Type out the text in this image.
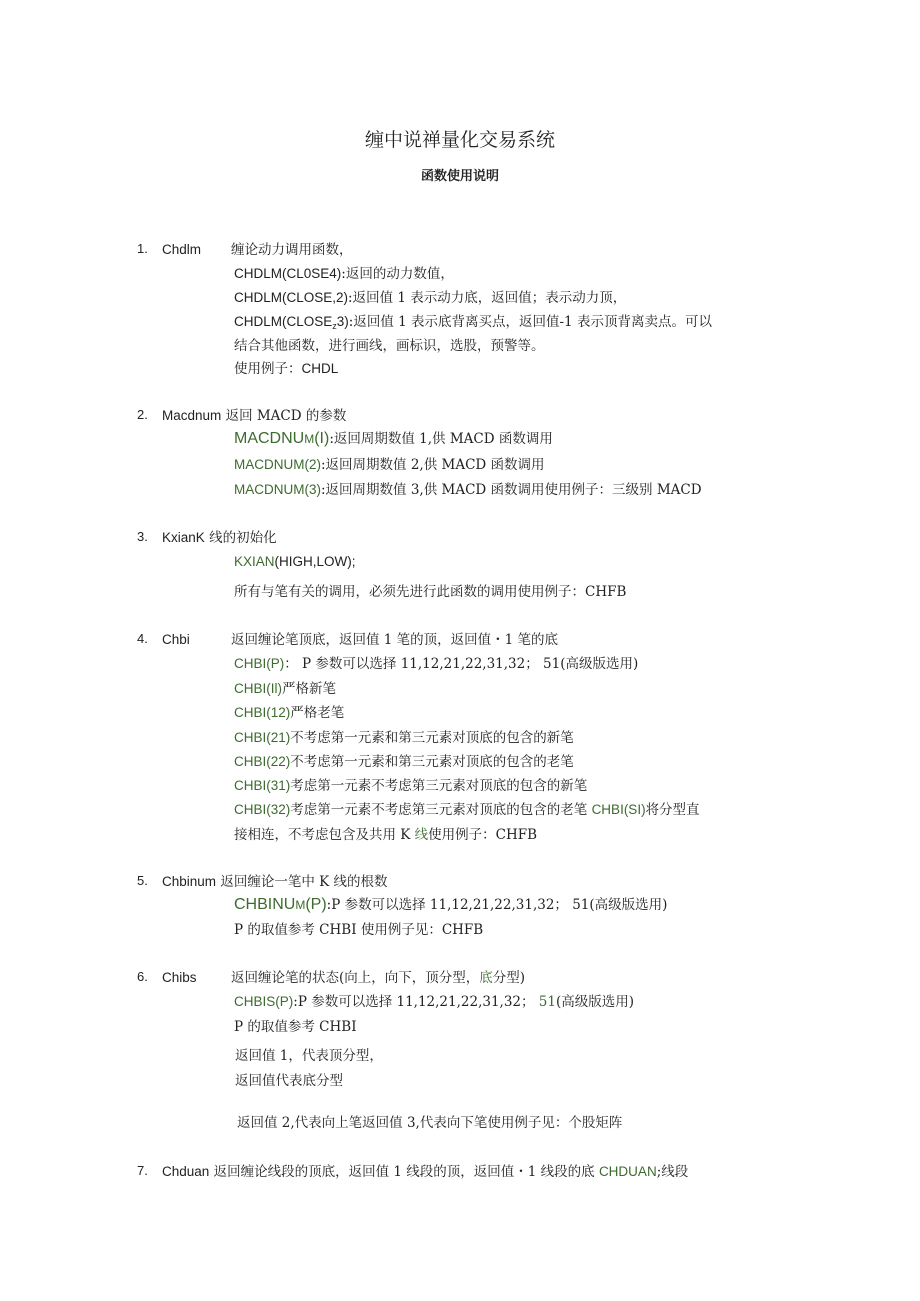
缠中说禅量化交易系统
函数使用说明
1. Chdlm 缠论动力调用函数，
CHDLM(CL0SE4):返回的动力数值，
CHDLM(CLOSE,2):返回值 1 表示动力底，返回值；表示动力顶，
$CHDLM(CLOSE_z3)$:返回值 1 表示底背离买点，返回值-1 表示顶背离卖点。可以
结合其他函数，进行画线，画标识，选股，预警等。
使用例子：CHDL
2. Macdnum 返回 MACD 的参数
MACDNUM(I):返回周期数值 1,供 MACD 函数调用
MACDNUM(2):返回周期数值 2,供 MACD 函数调用
MACDNUM(3):返回周期数值 3,供 MACD 函数调用使用例子：三级别 MACD
3. KxianK 线的初始化
KXIAN(HIGH,LOW);
所有与笔有关的调用，必须先进行此函数的调用使用例子：CHFB
4. Chbi	返回缠论笔顶底，返回值 1 笔的顶，返回值・1 笔的底
CHBI(P)： P 参数可以选择 11,12,21,22,31,32； 51(高级版选用)
CHBI(Il)严格新笔
CHBI(12)严格老笔
CHBI(21)不考虑第一元素和第三元素对顶底的包含的新笔
CHBI(22)不考虑第一元素和第三元素对顶底的包含的老笔
CHBI(31)考虑第一元素不考虑第三元素对顶底的包含的新笔
CHBI(32)考虑第一元素不考虑第三元素对顶底的包含的老笔 CHBI(SI)将分型直
接相连，不考虑包含及共用 K 线使用例子：CHFB
5. Chbinum 返回缠论一笔中 K 线的根数
CHBINUM(P):P 参数可以选择 11,12,21,22,31,32； 51(高级版选用)
P 的取值参考 CHBI 使用例子见：CHFB
6. Chibs	返回缠论笔的状态(向上，向下，顶分型，底分型)
CHBIS(P):P 参数可以选择 11,12,21,22,31,32； 51(高级版选用)
P 的取值参考 CHBI
返回值 1，代表顶分型，
返回值代表底分型
返回值 2,代表向上笔返回值 3,代表向下笔使用例子见：个股矩阵
7. Chduan 返回缠论线段的顶底，返回值 1 线段的顶，返回值・1 线段的底 CHDUAN;线段
